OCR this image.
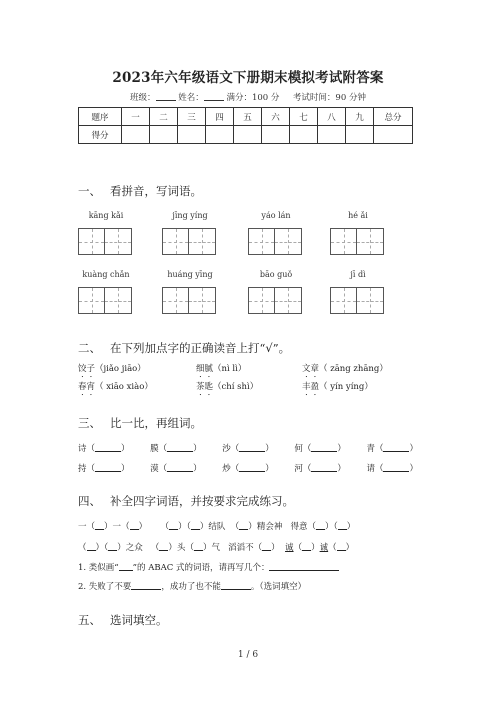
2023年六年级语文下册期末模拟考试附答案
班级：	姓名：	满分：100 分 考试时间：90 分钟
题序	一	二	三	四	五	六	七	八	九	总分
得分										
一、 看拼音，写词语。
kāng kǎi	jīng yíng	yáo lán	hé ǎi
kuàng chǎn	huáng yīng	bāo guǒ	jī dì
二、 在下列加点字的正确读音上打“√”。
饺子（jiǎo jiāo）	细腻（nì lì）	文章（ zāng zhāng）
春宵（ xiāo xiào）	茶匙（chí shì）	丰盈（ yín yíng）
三、 比一比，再组词。
诗（	） 膜（	） 沙（	） 何（	） 青（	）
持（	） 漠（	） 炒（	） 河（	） 请（	）
四、 补全四字词语，并按要求完成练习。
一（ ）一（ ）     （ ）（ ）结队  （ ）精会神 得意（ ）（ ）
（ ）（ ）之众   （ ）头（ ）气 滔滔不（ ）  诚（ ）诚（ ）
1. 类似画“ ”的 ABAC 式的词语，请再写几个：
2. 失败了不要	，成功了也不能	。（选词填空）
五、 选词填空。
1 / 6
